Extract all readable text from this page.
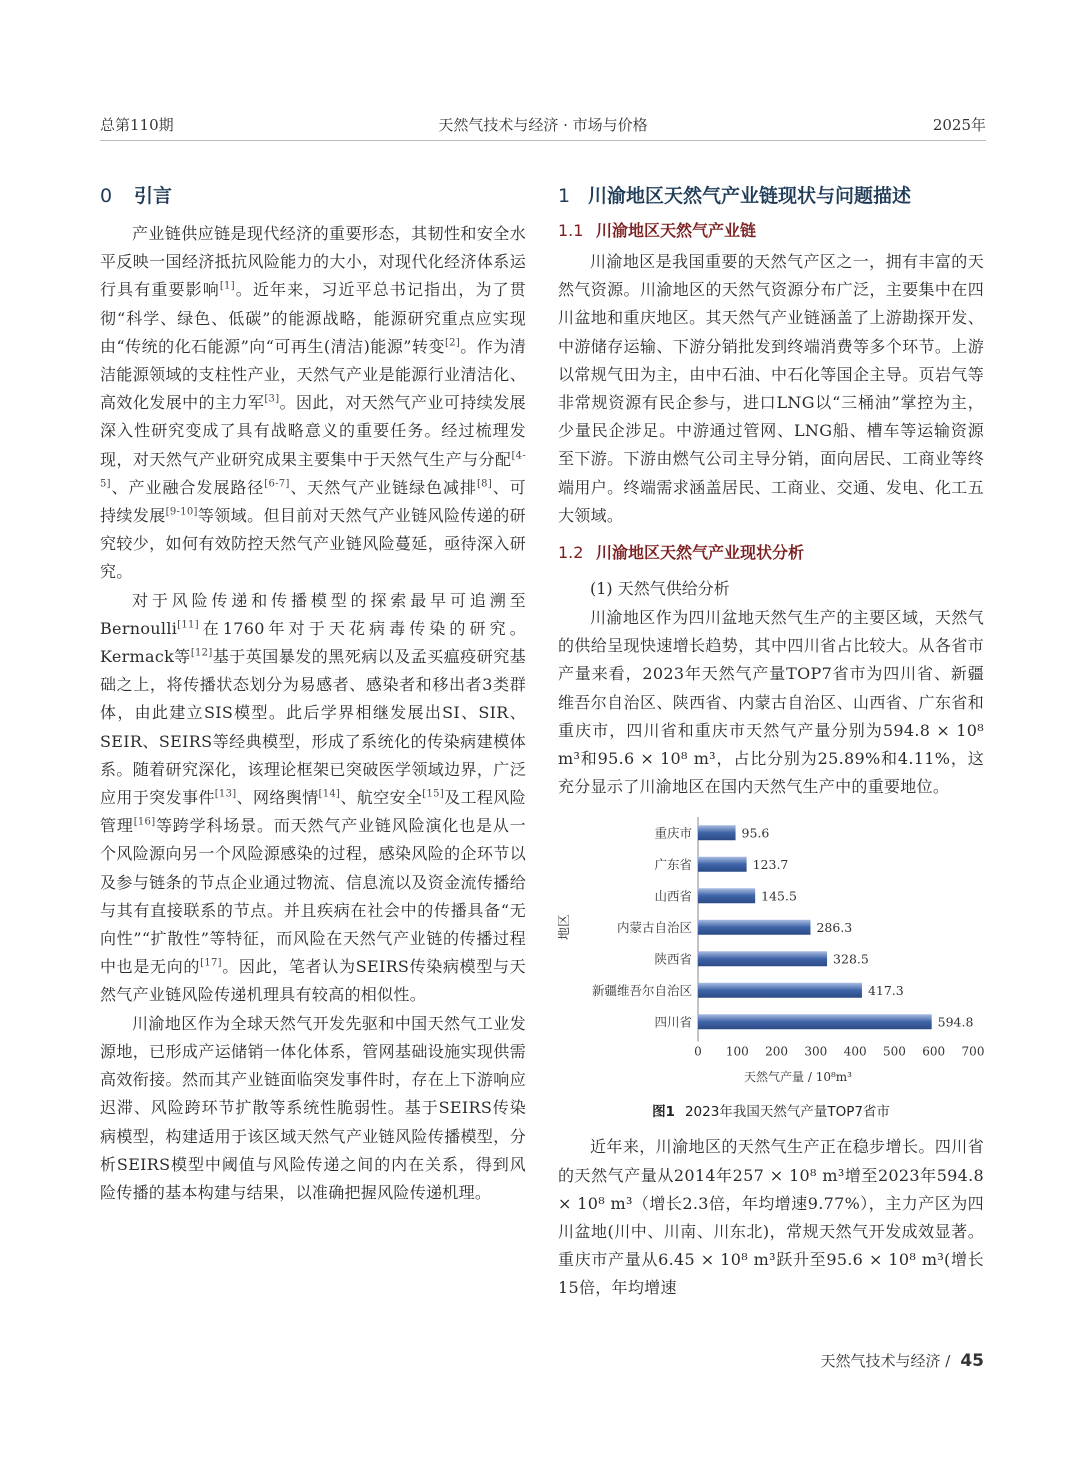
总第110期	天然气技术与经济 · 市场与价格	2025年
0 引言

产业链供应链是现代经济的重要形态，其韧性和安全水平反映一国经济抵抗风险能力的大小，对现代化经济体系运行具有重要影响[1]。近年来，习近平总书记指出，为了贯彻“科学、绿色、低碳”的能源战略，能源研究重点应实现由“传统的化石能源”向“可再生(清洁)能源”转变[2]。作为清洁能源领域的支柱性产业，天然气产业是能源行业清洁化、高效化发展中的主力军[3]。因此，对天然气产业可持续发展深入性研究变成了具有战略意义的重要任务。经过梳理发现，对天然气产业研究成果主要集中于天然气生产与分配[4-5]、产业融合发展路径[6-7]、天然气产业链绿色减排[8]、可持续发展[9-10]等领域。但目前对天然气产业链风险传递的研究较少，如何有效防控天然气产业链风险蔓延，亟待深入研究。

对于风险传递和传播模型的探索最早可追溯至Bernoulli[11]在1760年对于天花病毒传染的研究。Kermack等[12]基于英国暴发的黑死病以及孟买瘟疫研究基础之上，将传播状态划分为易感者、感染者和移出者3类群体，由此建立SIS模型。此后学界相继发展出SI、SIR、SEIR、SEIRS等经典模型，形成了系统化的传染病建模体系。随着研究深化，该理论框架已突破医学领域边界，广泛应用于突发事件[13]、网络舆情[14]、航空安全[15]及工程风险管理[16]等跨学科场景。而天然气产业链风险演化也是从一个风险源向另一个风险源感染的过程，感染风险的企环节以及参与链条的节点企业通过物流、信息流以及资金流传播给与其有直接联系的节点。并且疾病在社会中的传播具备“无向性”“扩散性”等特征，而风险在天然气产业链的传播过程中也是无向的[17]。因此，笔者认为SEIRS传染病模型与天然气产业链风险传递机理具有较高的相似性。

川渝地区作为全球天然气开发先驱和中国天然气工业发源地，已形成产运储销一体化体系，管网基础设施实现供需高效衔接。然而其产业链面临突发事件时，存在上下游响应迟滞、风险跨环节扩散等系统性脆弱性。基于SEIRS传染病模型，构建适用于该区域天然气产业链风险传播模型，分析SEIRS模型中阈值与风险传递之间的内在关系，得到风险传播的基本构建与结果，以准确把握风险传递机理。

1 川渝地区天然气产业链现状与问题描述
1.1 川渝地区天然气产业链

川渝地区是我国重要的天然气产区之一，拥有丰富的天然气资源。川渝地区的天然气资源分布广泛，主要集中在四川盆地和重庆地区。其天然气产业链涵盖了上游勘探开发、中游储存运输、下游分销批发到终端消费等多个环节。上游以常规气田为主，由中石油、中石化等国企主导。页岩气等非常规资源有民企参与，进口LNG以“三桶油”掌控为主，少量民企涉足。中游通过管网、LNG船、槽车等运输资源至下游。下游由燃气公司主导分销，面向居民、工商业等终端用户。终端需求涵盖居民、工商业、交通、发电、化工五大领域。

1.2 川渝地区天然气产业现状分析
(1) 天然气供给分析

川渝地区作为四川盆地天然气生产的主要区域，天然气的供给呈现快速增长趋势，其中四川省占比较大。从各省市产量来看，2023年天然气产量TOP7省市为四川省、新疆维吾尔自治区、陕西省、内蒙古自治区、山西省、广东省和重庆市，四川省和重庆市天然气产量分别为594.8 × 10⁸ m³和95.6 × 10⁸ m³，占比分别为25.89%和4.11%，这充分显示了川渝地区在国内天然气生产中的重要地位。

重庆市
广东省
山西省
内蒙古自治区
陕西省
新疆维吾尔自治区
四川省
95.6
123.7
145.5
286.3
328.5
417.3
594.8
0 100 200 300 400 500 600 700
地区
天然气产量 / 10⁸m³
图1 2023年我国天然气产量TOP7省市

近年来，川渝地区的天然气生产正在稳步增长。四川省的天然气产量从2014年257 × 10⁸ m³增至2023年594.8 × 10⁸ m³（增长2.3倍，年均增速9.77%），主力产区为四川盆地(川中、川南、川东北)，常规天然气开发成效显著。重庆市产量从6.45 × 10⁸ m³跃升至95.6 × 10⁸ m³(增长15倍，年均增速

天然气技术与经济 / 45
